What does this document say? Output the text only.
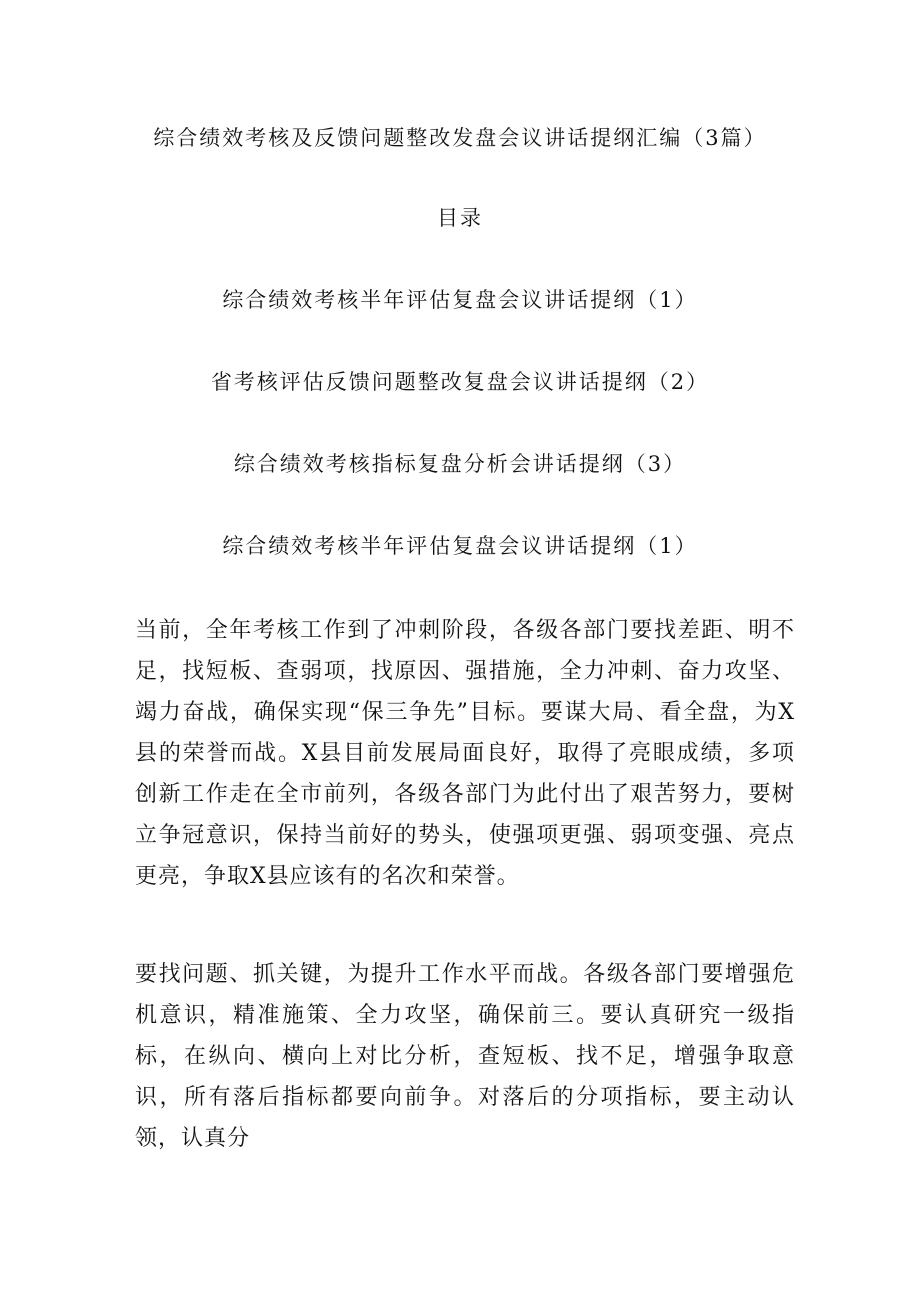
综合绩效考核及反馈问题整改发盘会议讲话提纲汇编（3篇）
目录
综合绩效考核半年评估复盘会议讲话提纲（1）
省考核评估反馈问题整改复盘会议讲话提纲（2）
综合绩效考核指标复盘分析会讲话提纲（3）
综合绩效考核半年评估复盘会议讲话提纲（1）

当前，全年考核工作到了冲刺阶段，各级各部门要找差距、明不足，找短板、查弱项，找原因、强措施，全力冲刺、奋力攻坚、竭力奋战，确保实现“保三争先”目标。要谋大局、看全盘，为X县的荣誉而战。X县目前发展局面良好，取得了亮眼成绩，多项创新工作走在全市前列，各级各部门为此付出了艰苦努力，要树立争冠意识，保持当前好的势头，使强项更强、弱项变强、亮点更亮，争取X县应该有的名次和荣誉。

要找问题、抓关键，为提升工作水平而战。各级各部门要增强危机意识，精准施策、全力攻坚，确保前三。要认真研究一级指标，在纵向、横向上对比分析，查短板、找不足，增强争取意识，所有落后指标都要向前争。对落后的分项指标，要主动认领，认真分
